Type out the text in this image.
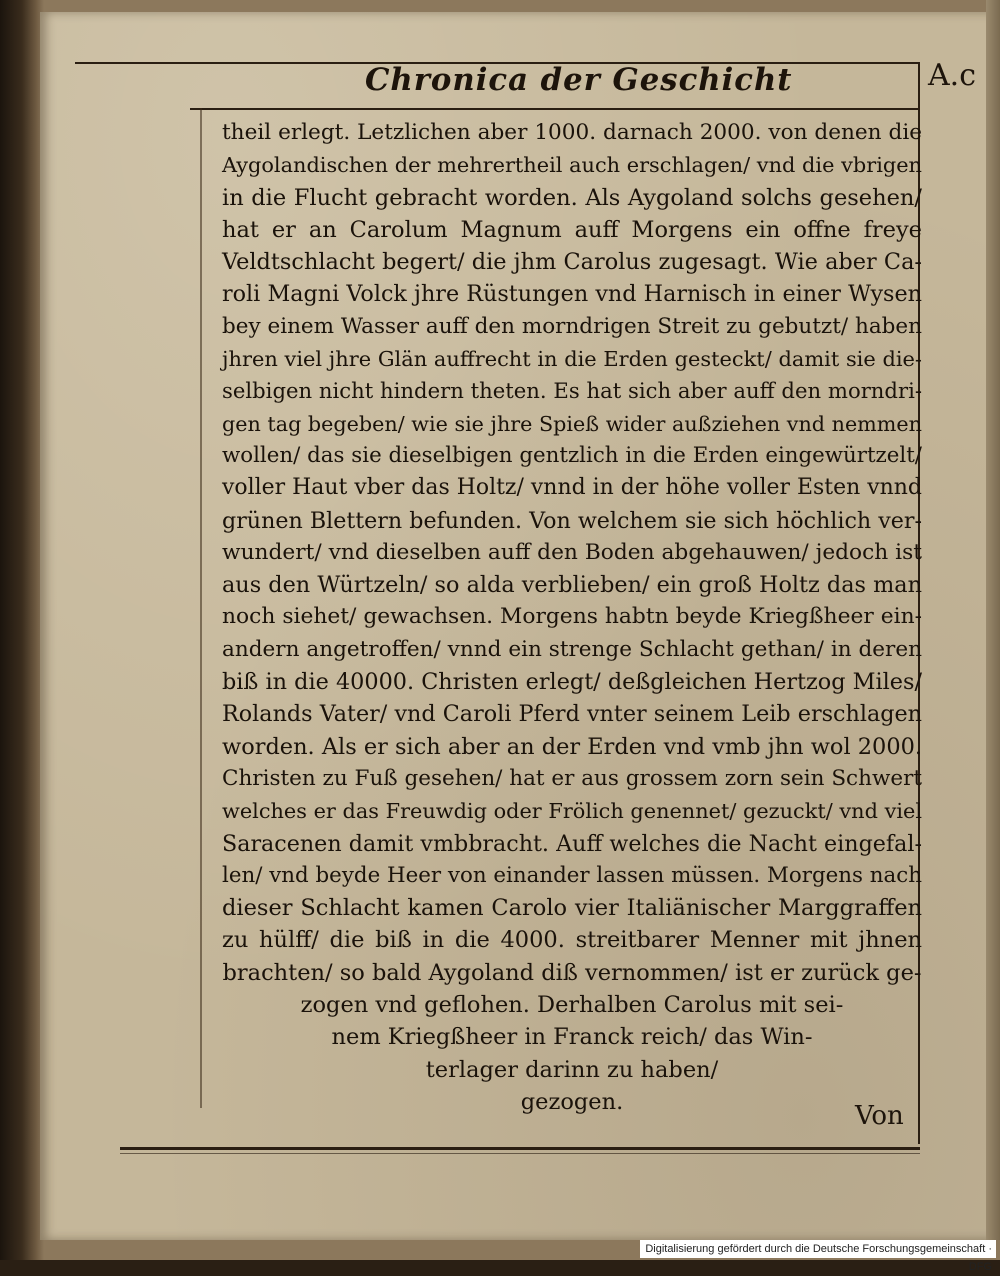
Chronica der Geschicht	A.c
theil erlegt. Letzlichen aber 1000. darnach 2000. von denen die
Aygolandischen der mehrertheil auch erschlagen/ vnd die vbrigen
in die Flucht gebracht worden. Als Aygoland solchs gesehen/
hat er an Carolum Magnum auff Morgens ein offne freye
Veldtschlacht begert/ die jhm Carolus zugesagt. Wie aber Ca-
roli Magni Volck jhre Rüstungen vnd Harnisch in einer Wysen
bey einem Wasser auff den morndrigen Streit zu gebutzt/ haben
jhren viel jhre Glän auffrecht in die Erden gesteckt/ damit sie die-
selbigen nicht hindern theten. Es hat sich aber auff den morndri-
gen tag begeben/ wie sie jhre Spieß wider außziehen vnd nemmen
wollen/ das sie dieselbigen gentzlich in die Erden eingewürtzelt/
voller Haut vber das Holtz/ vnnd in der höhe voller Esten vnnd
grünen Blettern befunden. Von welchem sie sich höchlich ver-
wundert/ vnd dieselben auff den Boden abgehauwen/ jedoch ist
aus den Würtzeln/ so alda verblieben/ ein groß Holtz das man
noch siehet/ gewachsen. Morgens habtn beyde Kriegßheer ein-
andern angetroffen/ vnnd ein strenge Schlacht gethan/ in deren
biß in die 40000. Christen erlegt/ deßgleichen Hertzog Miles/
Rolands Vater/ vnd Caroli Pferd vnter seinem Leib erschlagen
worden. Als er sich aber an der Erden vnd vmb jhn wol 2000.
Christen zu Fuß gesehen/ hat er aus grossem zorn sein Schwert
welches er das Freuwdig oder Frölich genennet/ gezuckt/ vnd viel
Saracenen damit vmbbracht. Auff welches die Nacht eingefal-
len/ vnd beyde Heer von einander lassen müssen. Morgens nach
dieser Schlacht kamen Carolo vier Italiänischer Marggraffen
zu hülff/ die biß in die 4000. streitbarer Menner mit jhnen
brachten/ so bald Aygoland diß vernommen/ ist er zurück ge-
zogen vnd geflohen. Derhalben Carolus mit sei-
nem Kriegßheer in Franck reich/ das Win-
terlager darinn zu haben/
gezogen.	Von
Digitalisierung gefördert durch die Deutsche Forschungsgemeinschaft · DFG
